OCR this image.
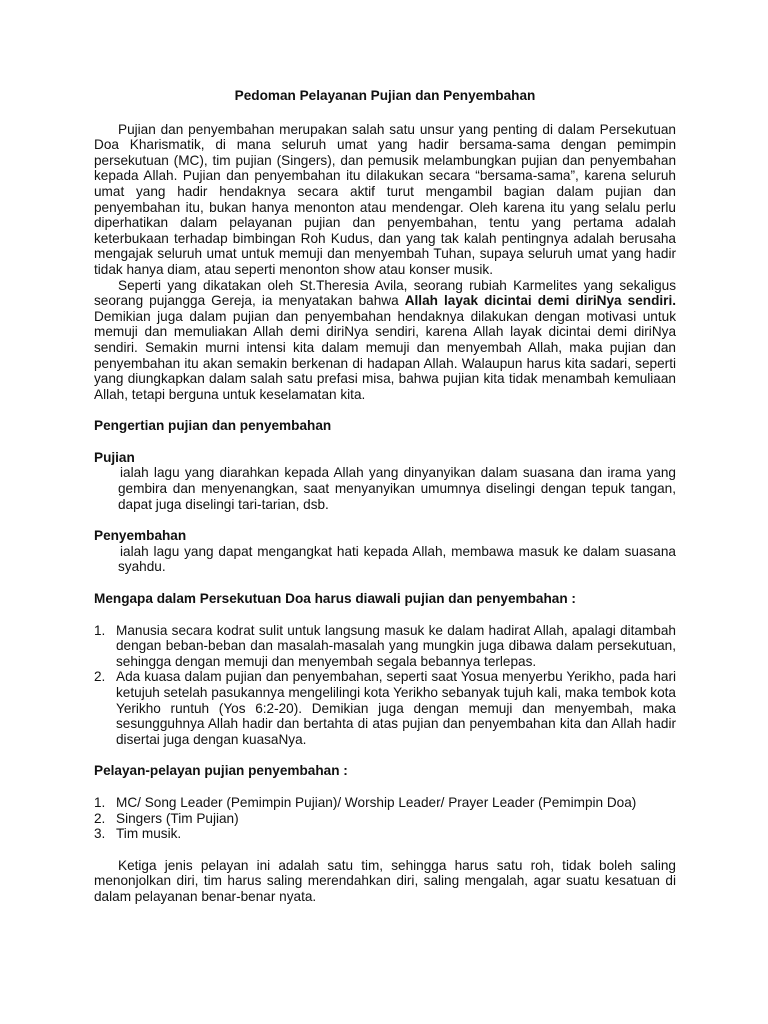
Pedoman Pelayanan Pujian dan Penyembahan

Pujian dan penyembahan merupakan salah satu unsur yang penting di dalam Persekutuan Doa Kharismatik, di mana seluruh umat yang hadir bersama-sama dengan pemimpin persekutuan (MC), tim pujian (Singers), dan pemusik melambungkan pujian dan penyembahan kepada Allah. Pujian dan penyembahan itu dilakukan secara “bersama-sama”, karena seluruh umat yang hadir hendaknya secara aktif turut mengambil bagian dalam pujian dan penyembahan itu, bukan hanya menonton atau mendengar. Oleh karena itu yang selalu perlu diperhatikan dalam pelayanan pujian dan penyembahan, tentu yang pertama adalah keterbukaan terhadap bimbingan Roh Kudus, dan yang tak kalah pentingnya adalah berusaha mengajak seluruh umat untuk memuji dan menyembah Tuhan, supaya seluruh umat yang hadir tidak hanya diam, atau seperti menonton show atau konser musik.

Seperti yang dikatakan oleh St.Theresia Avila, seorang rubiah Karmelites yang sekaligus seorang pujangga Gereja, ia menyatakan bahwa Allah layak dicintai demi diriNya sendiri. Demikian juga dalam pujian dan penyembahan hendaknya dilakukan dengan motivasi untuk memuji dan memuliakan Allah demi diriNya sendiri, karena Allah layak dicintai demi diriNya sendiri. Semakin murni intensi kita dalam memuji dan menyembah Allah, maka pujian dan penyembahan itu akan semakin berkenan di hadapan Allah. Walaupun harus kita sadari, seperti yang diungkapkan dalam salah satu prefasi misa, bahwa pujian kita tidak menambah kemuliaan Allah, tetapi berguna untuk keselamatan kita.

Pengertian pujian dan penyembahan

Pujian

ialah lagu yang diarahkan kepada Allah yang dinyanyikan dalam suasana dan irama yang gembira dan menyenangkan, saat menyanyikan umumnya diselingi dengan tepuk tangan, dapat juga diselingi tari-tarian, dsb.

Penyembahan

ialah lagu yang dapat mengangkat hati kepada Allah, membawa masuk ke dalam suasana syahdu.

Mengapa dalam Persekutuan Doa harus diawali pujian dan penyembahan :

1. Manusia secara kodrat sulit untuk langsung masuk ke dalam hadirat Allah, apalagi ditambah dengan beban-beban dan masalah-masalah yang mungkin juga dibawa dalam persekutuan, sehingga dengan memuji dan menyembah segala bebannya terlepas.
2. Ada kuasa dalam pujian dan penyembahan, seperti saat Yosua menyerbu Yerikho, pada hari ketujuh setelah pasukannya mengelilingi kota Yerikho sebanyak tujuh kali, maka tembok kota Yerikho runtuh (Yos 6:2-20). Demikian juga dengan memuji dan menyembah, maka sesungguhnya Allah hadir dan bertahta di atas pujian dan penyembahan kita dan Allah hadir disertai juga dengan kuasaNya.

Pelayan-pelayan pujian penyembahan :

1. MC/ Song Leader (Pemimpin Pujian)/ Worship Leader/ Prayer Leader (Pemimpin Doa)
2. Singers (Tim Pujian)
3. Tim musik.

Ketiga jenis pelayan ini adalah satu tim, sehingga harus satu roh, tidak boleh saling menonjolkan diri, tim harus saling merendahkan diri, saling mengalah, agar suatu kesatuan di dalam pelayanan benar-benar nyata.
